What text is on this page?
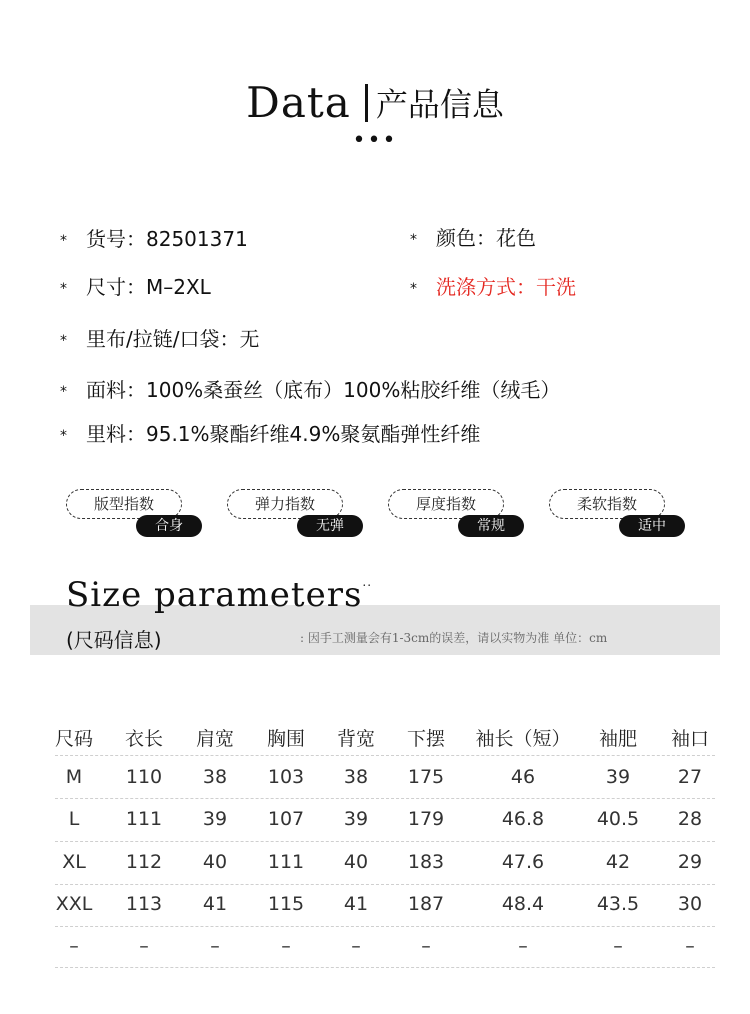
Data 产品信息
•••
* 货号：82501371	* 颜色：花色
* 尺寸：M–2XL	* 洗涤方式：干洗
* 里布/拉链/口袋：无
* 面料：100%桑蚕丝（底布）100%粘胶纤维（绒毛）
* 里料：95.1%聚酯纤维4.9%聚氨酯弹性纤维
版型指数
合身
弹力指数
无弹
厚度指数
常规
柔软指数
适中
Size parameters..
(尺码信息)	: 因手工测量会有1-3cm的误差，请以实物为准 单位：cm
尺码 衣长 肩宽 胸围 背宽 下摆 袖长（短） 袖肥 袖口
M 110 38 103 38 175	46	39	27
L 111 39 107 39 179	46.8	40.5 28
XL 112 40 111 40 183	47.6	42	29
XXL 113 41 115 41 187	48.4	43.5 30
–	–	–	–	–	–	–	–	–
